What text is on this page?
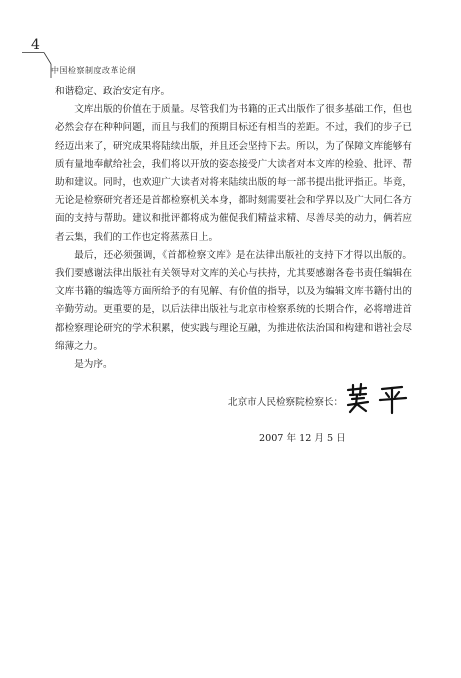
4
中国检察制度改革论纲

和谐稳定、政治安定有序。

文库出版的价值在于质量。尽管我们为书籍的正式出版作了很多基础工作，但也必然会存在种种问题，而且与我们的预期目标还有相当的差距。不过，我们的步子已经迈出来了，研究成果将陆续出版，并且还会坚持下去。所以，为了保障文库能够有质有量地奉献给社会，我们将以开放的姿态接受广大读者对本文库的检验、批评、帮助和建议。同时，也欢迎广大读者对将来陆续出版的每一部书提出批评指正。毕竟，无论是检察研究者还是首都检察机关本身，都时刻需要社会和学界以及广大同仁各方面的支持与帮助。建议和批评都将成为催促我们精益求精、尽善尽美的动力，俩若应者云集，我们的工作也定将蒸蒸日上。

最后，还必须强调，《首都检察文库》是在法律出版社的支持下才得以出版的。我们要感谢法律出版社有关领导对文库的关心与扶持，尤其要感谢各卷书责任编辑在文库书籍的编选等方面所给予的有见解、有价值的指导，以及为编辑文库书籍付出的辛勤劳动。更重要的是，以后法律出版社与北京市检察系统的长期合作，必将增进首都检察理论研究的学术积累，使实践与理论互融，为推进依法治国和构建和谐社会尽绵薄之力。

是为序。

北京市人民检察院检察长：
2007 年 12 月 5 日
